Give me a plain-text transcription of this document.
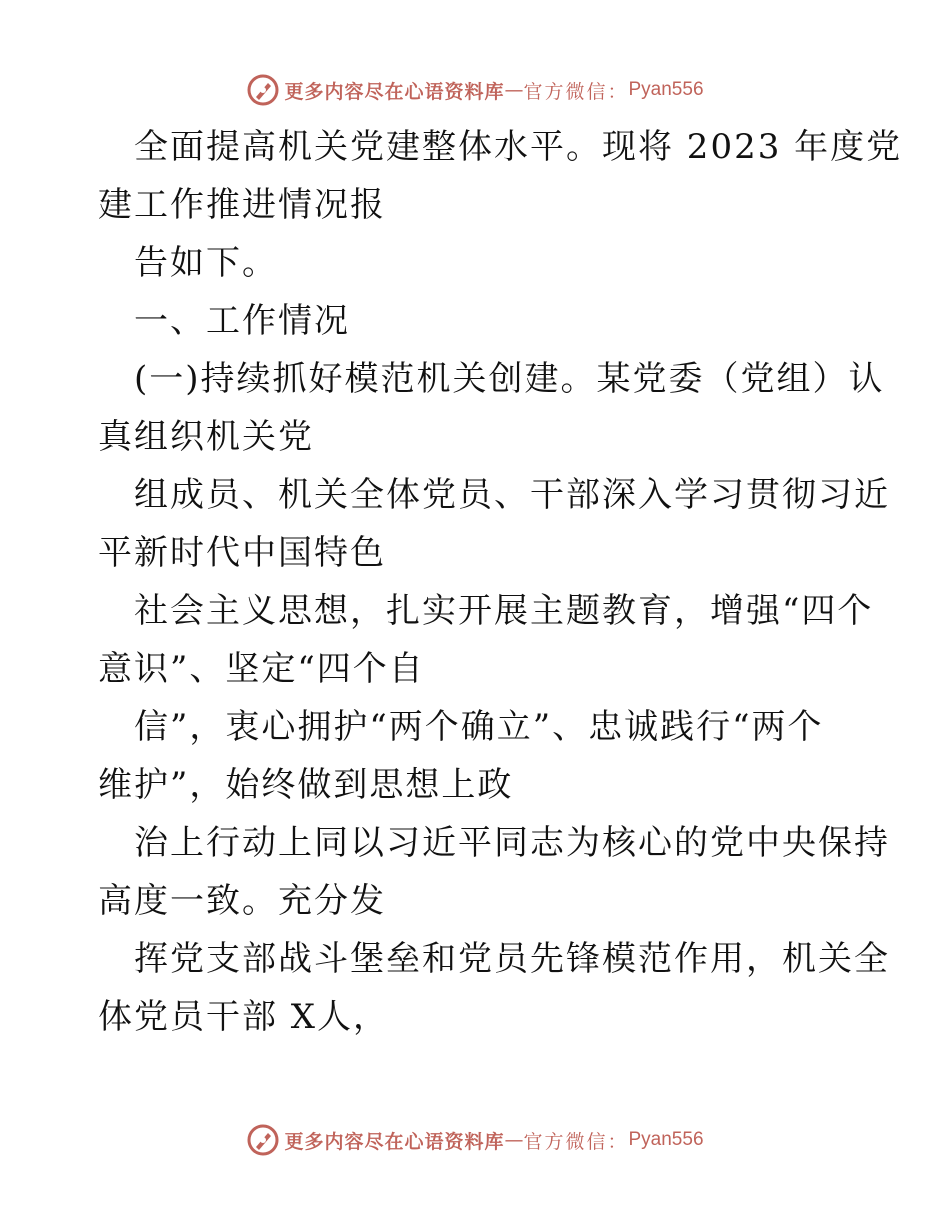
更多内容尽在心语资料库 — 官方微信： Pyan556

全面提高机关党建整体水平。现将 2023 年度党

建工作推进情况报

告如下。

一、工作情况

(一)持续抓好模范机关创建。某党委（党组）认

真组织机关党

组成员、机关全体党员、干部深入学习贯彻习近

平新时代中国特色

社会主义思想，扎实开展主题教育，增强“四个

意识”、坚定“四个自

信”，衷心拥护“两个确立”、忠诚践行“两个

维护”，始终做到思想上政

治上行动上同以习近平同志为核心的党中央保持

高度一致。充分发

挥党支部战斗堡垒和党员先锋模范作用，机关全

体党员干部 X人，

更多内容尽在心语资料库 — 官方微信： Pyan556
